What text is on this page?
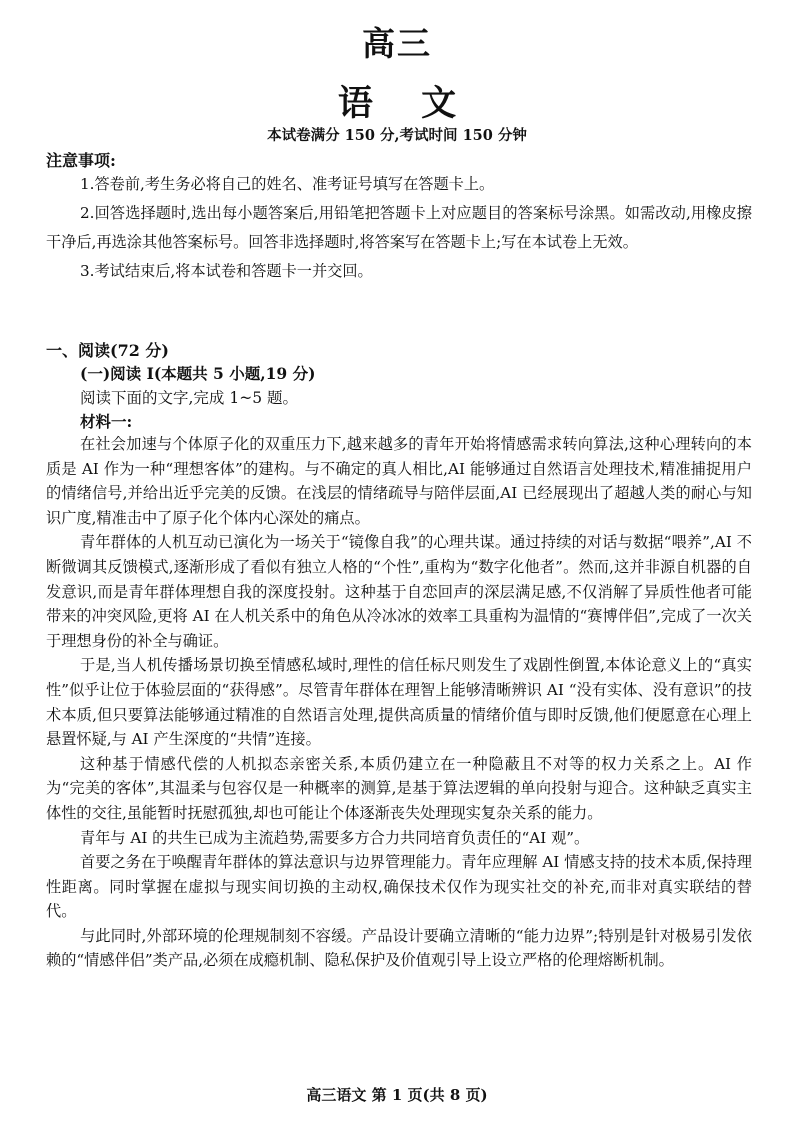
高三
语 文
本试卷满分 150 分,考试时间 150 分钟
注意事项:

1.答卷前,考生务必将自己的姓名、准考证号填写在答题卡上。

2.回答选择题时,选出每小题答案后,用铅笔把答题卡上对应题目的答案标号涂黑。如需改动,用橡皮擦干净后,再选涂其他答案标号。回答非选择题时,将答案写在答题卡上;写在本试卷上无效。

3.考试结束后,将本试卷和答题卡一并交回。

一、阅读(72 分)
(一)阅读 Ⅰ(本题共 5 小题,19 分)
阅读下面的文字,完成 1~5 题。
材料一:

在社会加速与个体原子化的双重压力下,越来越多的青年开始将情感需求转向算法,这种心理转向的本质是 AI 作为一种“理想客体”的建构。与不确定的真人相比,AI 能够通过自然语言处理技术,精准捕捉用户的情绪信号,并给出近乎完美的反馈。在浅层的情绪疏导与陪伴层面,AI 已经展现出了超越人类的耐心与知识广度,精准击中了原子化个体内心深处的痛点。

青年群体的人机互动已演化为一场关于“镜像自我”的心理共谋。通过持续的对话与数据“喂养”,AI 不断微调其反馈模式,逐渐形成了看似有独立人格的“个性”,重构为“数字化他者”。然而,这并非源自机器的自发意识,而是青年群体理想自我的深度投射。这种基于自恋回声的深层满足感,不仅消解了异质性他者可能带来的冲突风险,更将 AI 在人机关系中的角色从冷冰冰的效率工具重构为温情的“赛博伴侣”,完成了一次关于理想身份的补全与确证。

于是,当人机传播场景切换至情感私域时,理性的信任标尺则发生了戏剧性倒置,本体论意义上的“真实性”似乎让位于体验层面的“获得感”。尽管青年群体在理智上能够清晰辨识 AI “没有实体、没有意识”的技术本质,但只要算法能够通过精准的自然语言处理,提供高质量的情绪价值与即时反馈,他们便愿意在心理上悬置怀疑,与 AI 产生深度的“共情”连接。

这种基于情感代偿的人机拟态亲密关系,本质仍建立在一种隐蔽且不对等的权力关系之上。AI 作为“完美的客体”,其温柔与包容仅是一种概率的测算,是基于算法逻辑的单向投射与迎合。这种缺乏真实主体性的交往,虽能暂时抚慰孤独,却也可能让个体逐渐丧失处理现实复杂关系的能力。

青年与 AI 的共生已成为主流趋势,需要多方合力共同培育负责任的“AI 观”。

首要之务在于唤醒青年群体的算法意识与边界管理能力。青年应理解 AI 情感支持的技术本质,保持理性距离。同时掌握在虚拟与现实间切换的主动权,确保技术仅作为现实社交的补充,而非对真实联结的替代。

与此同时,外部环境的伦理规制刻不容缓。产品设计要确立清晰的“能力边界”;特别是针对极易引发依赖的“情感伴侣”类产品,必须在成瘾机制、隐私保护及价值观引导上设立严格的伦理熔断机制。

高三语文 第 1 页(共 8 页)
